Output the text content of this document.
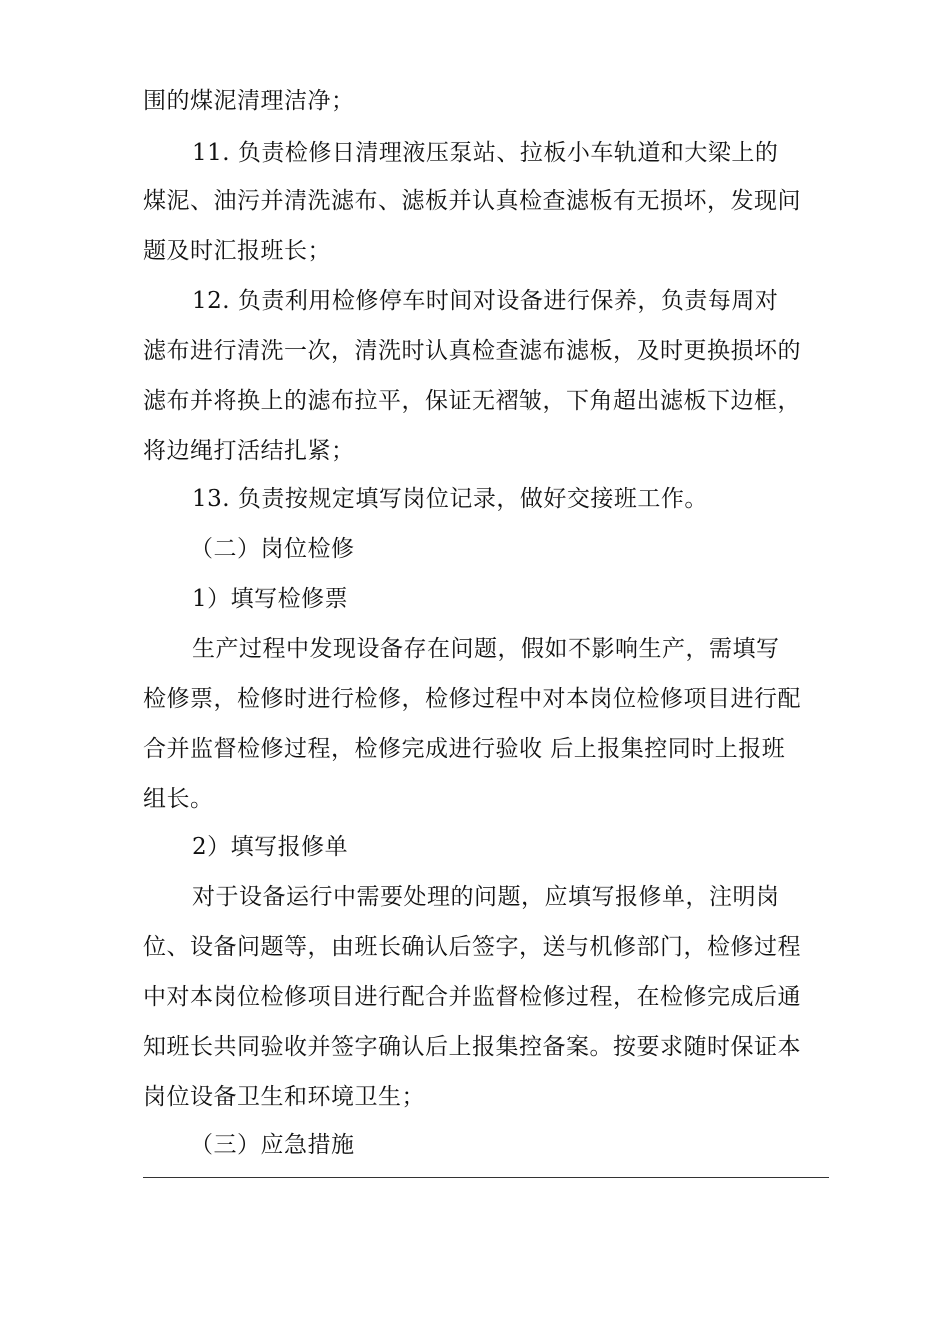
围的煤泥清理洁净；
11. 负责检修日清理液压泵站、拉板小车轨道和大梁上的
煤泥、油污并清洗滤布、滤板并认真检查滤板有无损坏，发现问
题及时汇报班长；
12. 负责利用检修停车时间对设备进行保养，负责每周对
滤布进行清洗一次，清洗时认真检查滤布滤板，及时更换损坏的
滤布并将换上的滤布拉平，保证无褶皱，下角超出滤板下边框，
将边绳打活结扎紧；
13. 负责按规定填写岗位记录，做好交接班工作。
（二）岗位检修
1）填写检修票
生产过程中发现设备存在问题，假如不影响生产，需填写
检修票，检修时进行检修，检修过程中对本岗位检修项目进行配
合并监督检修过程，检修完成进行验收 后上报集控同时上报班
组长。
2）填写报修单
对于设备运行中需要处理的问题，应填写报修单，注明岗
位、设备问题等，由班长确认后签字，送与机修部门，检修过程
中对本岗位检修项目进行配合并监督检修过程，在检修完成后通
知班长共同验收并签字确认后上报集控备案。按要求随时保证本
岗位设备卫生和环境卫生；
（三）应急措施
